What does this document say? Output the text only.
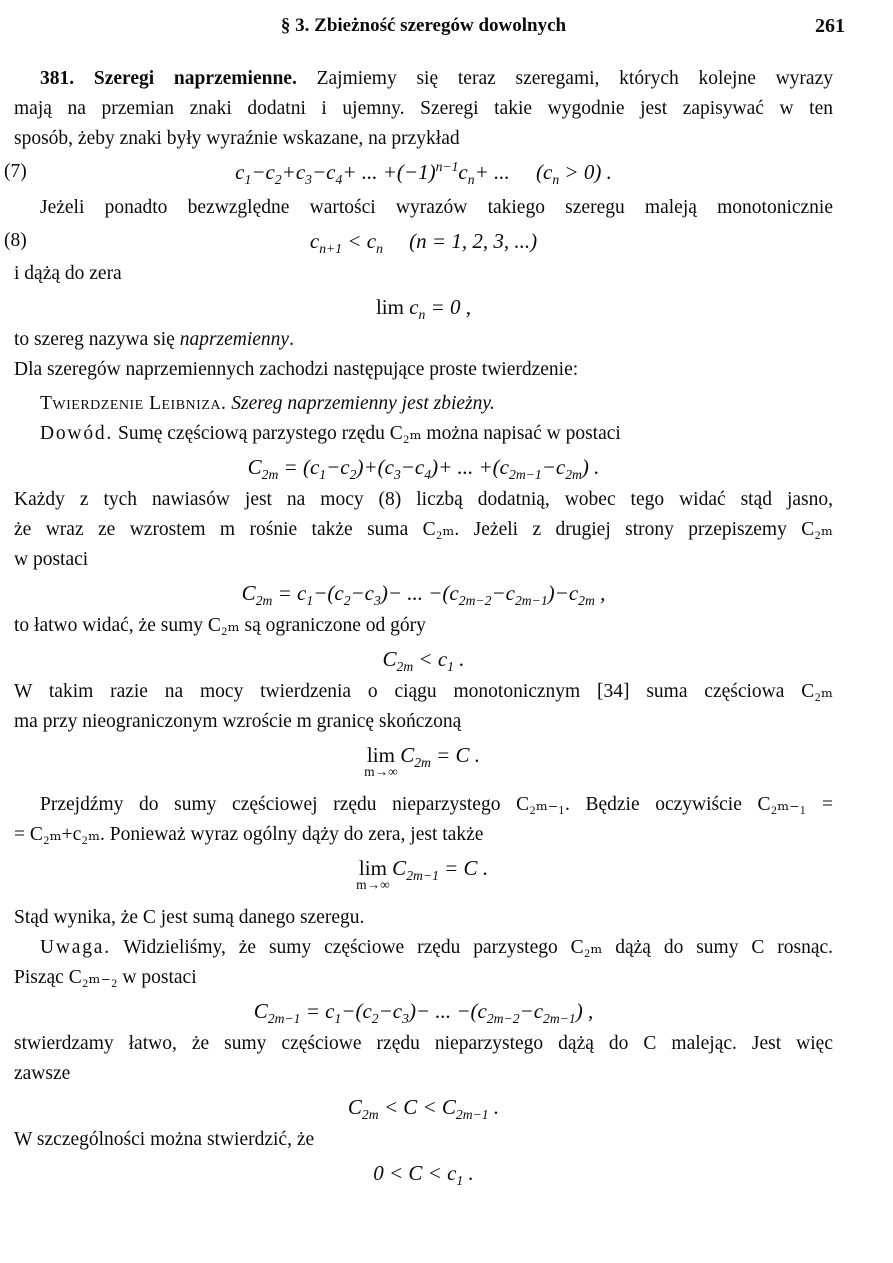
§ 3. Zbieżność szeregów dowolnych	261

381. Szeregi naprzemienne. Zajmiemy się teraz szeregami, których kolejne wyrazy

mają na przemian znaki dodatni i ujemny. Szeregi takie wygodnie jest zapisywać w ten

sposób, żeby znaki były wyraźnie wskazane, na przykład

(7)	$c_1-c_2+c_3-c_4+$ ... $+(-1)^{n-1}c_n+$ ...     $(c_n > 0)$ .

Jeżeli ponadto bezwzględne wartości wyrazów takiego szeregu maleją monotonicznie

(8)	$c_{n+1} < c_n$     (n = 1, 2, 3, ...)

i dążą do zera

$\lim c_n = 0$ ,

to szereg nazywa się naprzemienny.

Dla szeregów naprzemiennych zachodzi następujące proste twierdzenie:

Twierdzenie Leibniza. Szereg naprzemienny jest zbieżny.

Dowód. Sumę częściową parzystego rzędu C₂ₘ można napisać w postaci

$C_{2m} = (c_1-c_2)+(c_3-c_4)+$ ... $+(c_{2m-1}-c_{2m})$ .

Każdy z tych nawiasów jest na mocy (8) liczbą dodatnią, wobec tego widać stąd jasno,

że wraz ze wzrostem m rośnie także suma C₂ₘ. Jeżeli z drugiej strony przepiszemy C₂ₘ

w postaci

$C_{2m} = c_1-(c_2-c_3)-$ ... $-(c_{2m-2}-c_{2m-1})-c_{2m}$ ,

to łatwo widać, że sumy C₂ₘ są ograniczone od góry

$C_{2m} < c_1$ .

W takim razie na mocy twierdzenia o ciągu monotonicznym [34] suma częściowa C₂ₘ

ma przy nieograniczonym wzroście m granicę skończoną

lim
m→∞
$C_{2m} = C$ .

Przejdźmy do sumy częściowej rzędu nieparzystego C₂ₘ₋₁. Będzie oczywiście C₂ₘ₋₁ =

= C₂ₘ+c₂ₘ. Ponieważ wyraz ogólny dąży do zera, jest także

lim
m→∞
$C_{2m-1} = C$ .

Stąd wynika, że C jest sumą danego szeregu.

Uwaga. Widzieliśmy, że sumy częściowe rzędu parzystego C₂ₘ dążą do sumy C rosnąc.

Pisząc C₂ₘ₋₂ w postaci

$C_{2m-1} = c_1-(c_2-c_3)-$ ... $-(c_{2m-2}-c_{2m-1})$ ,

stwierdzamy łatwo, że sumy częściowe rzędu nieparzystego dążą do C malejąc. Jest więc

zawsze

$C_{2m} < C < C_{2m-1}$ .

W szczególności można stwierdzić, że

$0 < C < c_1$ .
